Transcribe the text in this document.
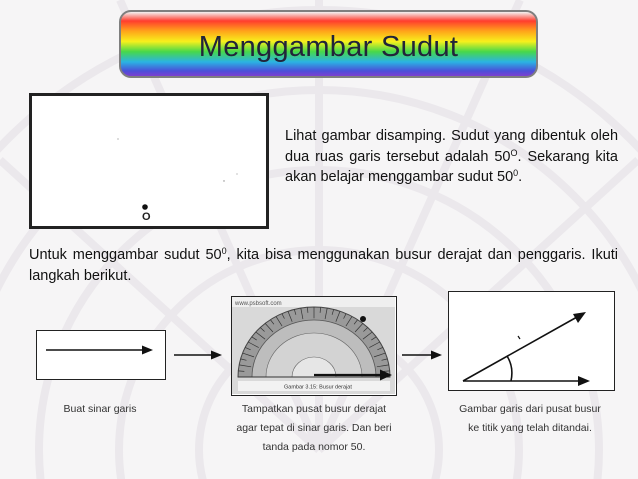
Menggambar Sudut
O
Lihat gambar disamping. Sudut yang dibentuk oleh dua ruas garis tersebut adalah $50^O$. Sekarang kita akan belajar menggambar sudut $50^0$.
Untuk menggambar sudut $50^0$, kita bisa menggunakan busur derajat dan penggaris. Ikuti langkah berikut.
www.psbsoft.com
Gambar 3.15: Busur derajat
Buat sinar garis	Tampatkan pusat busur derajat
agar tepat di sinar garis. Dan beri
tanda pada nomor 50.
Gambar garis dari pusat busur
ke titik yang telah ditandai.
